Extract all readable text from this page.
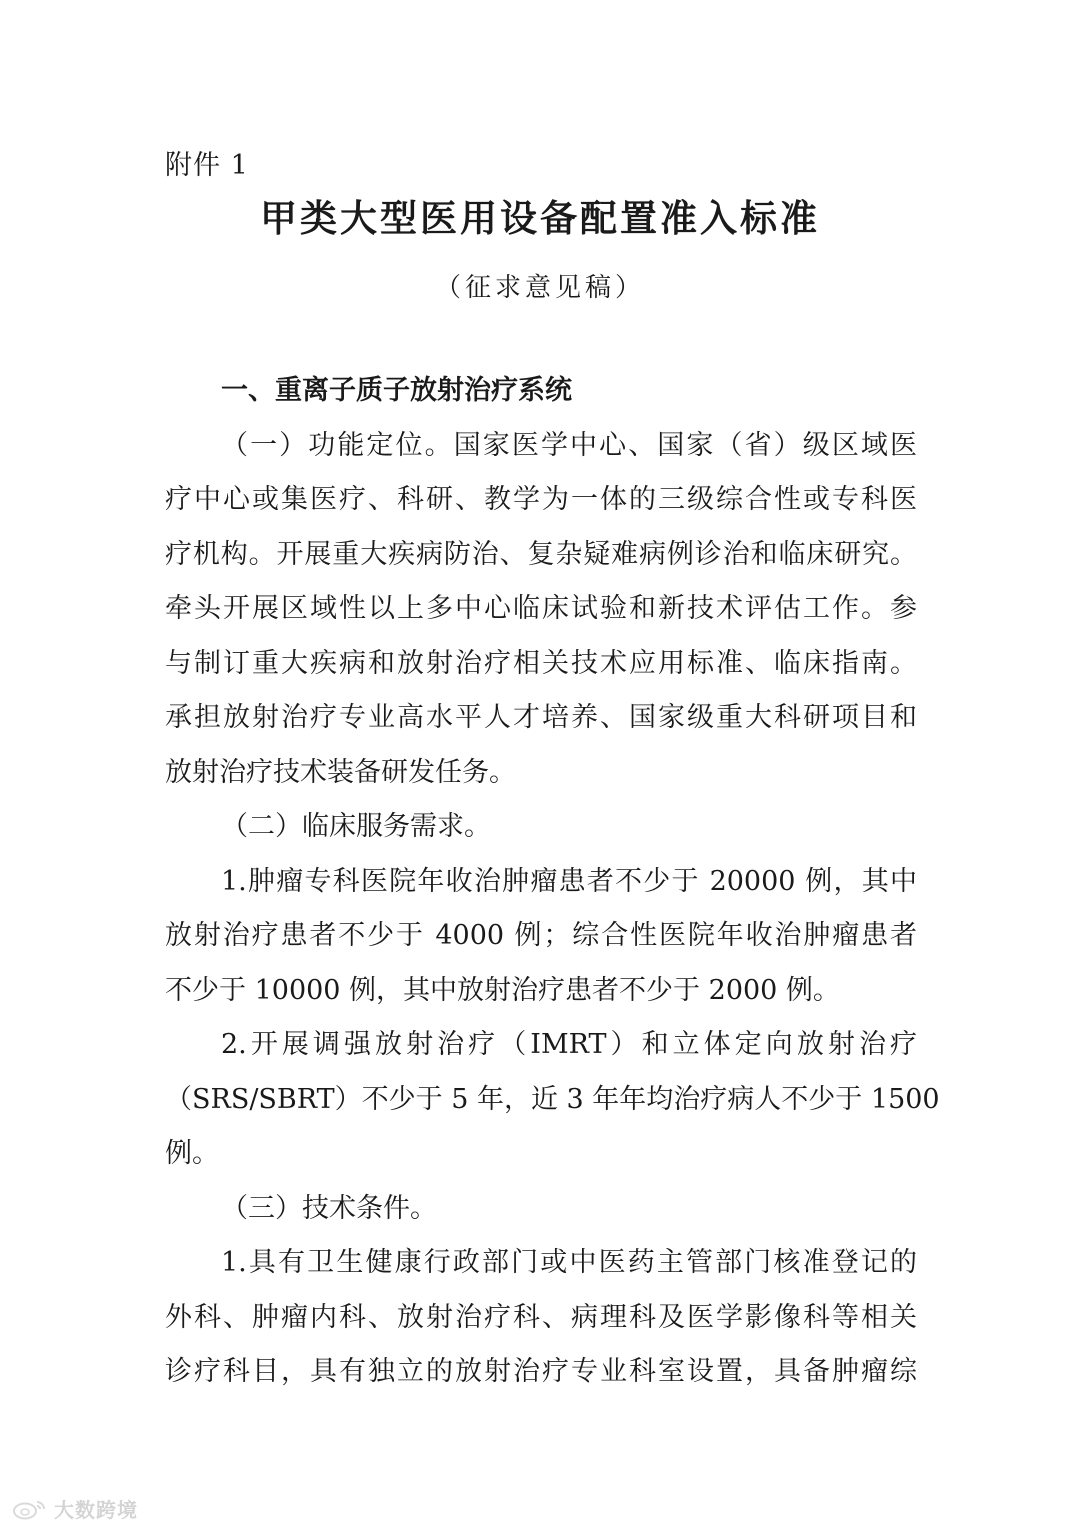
附件 1
甲类大型医用设备配置准入标准
（征求意见稿）
一、重离子质子放射治疗系统
（一）功能定位。国家医学中心、国家（省）级区域医
疗中心或集医疗、科研、教学为一体的三级综合性或专科医
疗机构。开展重大疾病防治、复杂疑难病例诊治和临床研究。
牵头开展区域性以上多中心临床试验和新技术评估工作。参
与制订重大疾病和放射治疗相关技术应用标准、临床指南。
承担放射治疗专业高水平人才培养、国家级重大科研项目和
放射治疗技术装备研发任务。
（二）临床服务需求。
1.肿瘤专科医院年收治肿瘤患者不少于 20000 例，其中
放射治疗患者不少于 4000 例；综合性医院年收治肿瘤患者
不少于 10000 例，其中放射治疗患者不少于 2000 例。
2.开展调强放射治疗（IMRT）和立体定向放射治疗
（SRS/SBRT）不少于 5 年，近 3 年年均治疗病人不少于 1500
例。
（三）技术条件。
1.具有卫生健康行政部门或中医药主管部门核准登记的
外科、肿瘤内科、放射治疗科、病理科及医学影像科等相关
诊疗科目，具有独立的放射治疗专业科室设置，具备肿瘤综
大数跨境
